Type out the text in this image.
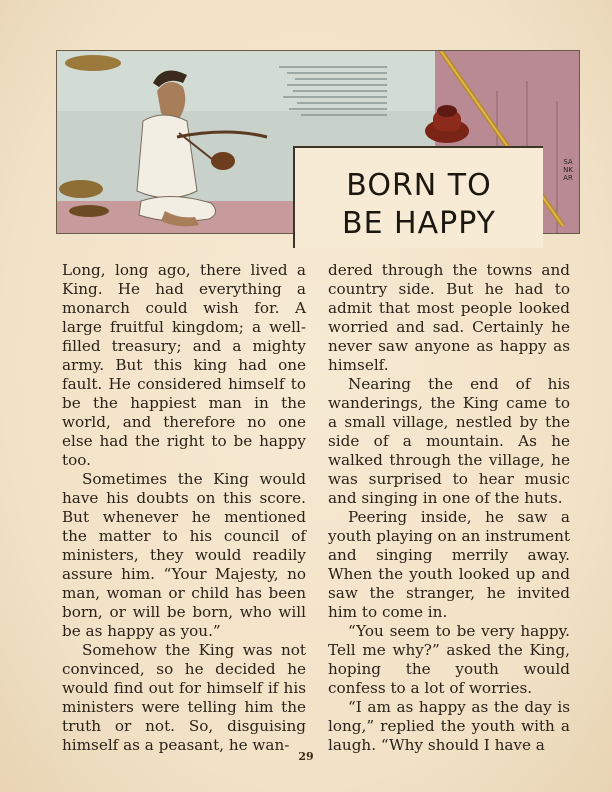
BORN TO
BE HAPPY
SANKAR

Long, long ago, there lived a King. He had everything a monarch could wish for. A large fruitful kingdom; a well-filled treasury; and a mighty army. But this king had one fault. He considered himself to be the happiest man in the world, and therefore no one else had the right to be happy too.

Sometimes the King would have his doubts on this score. But whenever he mentioned the matter to his council of ministers, they would readily assure him. “Your Majesty, no man, woman or child has been born, or will be born, who will be as happy as you.”

Somehow the King was not convinced, so he decided he would find out for himself if his ministers were telling him the truth or not. So, disguising himself as a peasant, he wan-

dered through the towns and country side. But he had to admit that most people looked worried and sad. Certainly he never saw anyone as happy as himself.

Nearing the end of his wanderings, the King came to a small village, nestled by the side of a mountain. As he walked through the village, he was surprised to hear music and singing in one of the huts.

Peering inside, he saw a youth playing on an instrument and singing merrily away. When the youth looked up and saw the stranger, he invited him to come in.

“You seem to be very happy. Tell me why?” asked the King, hoping the youth would confess to a lot of worries.

“I am as happy as the day is long,” replied the youth with a laugh. “Why should I have a

29
